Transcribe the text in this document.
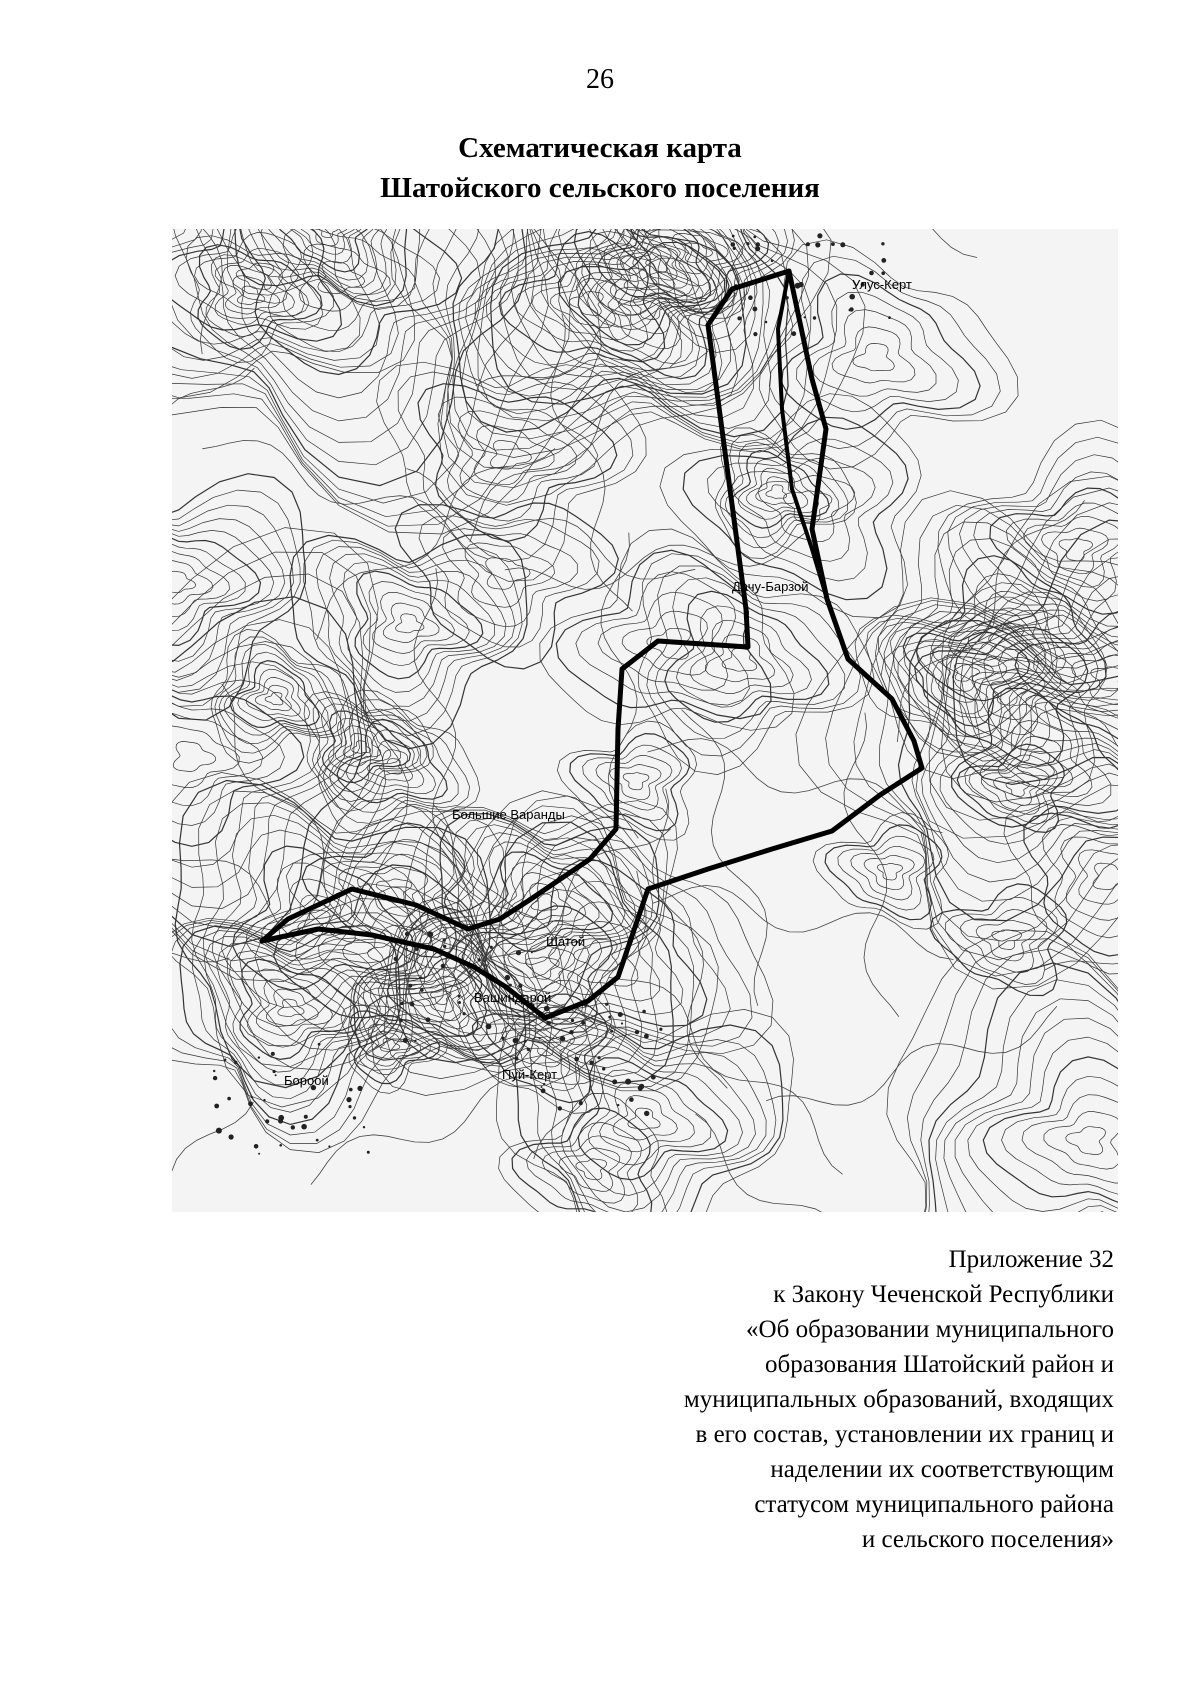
26
Схематическая карта
Шатойского сельского поселения
Шатой
Бороой
Вашиндарой
Большие Варанды
Дачу-Барзой
Улус-Керт
Пуй-Керт
Приложение 32
к Закону Чеченской Республики
«Об образовании муниципального
образования Шатойский район и
муниципальных образований, входящих
в его состав, установлении их границ и
наделении их соответствующим
статусом муниципального района
и сельского поселения»
